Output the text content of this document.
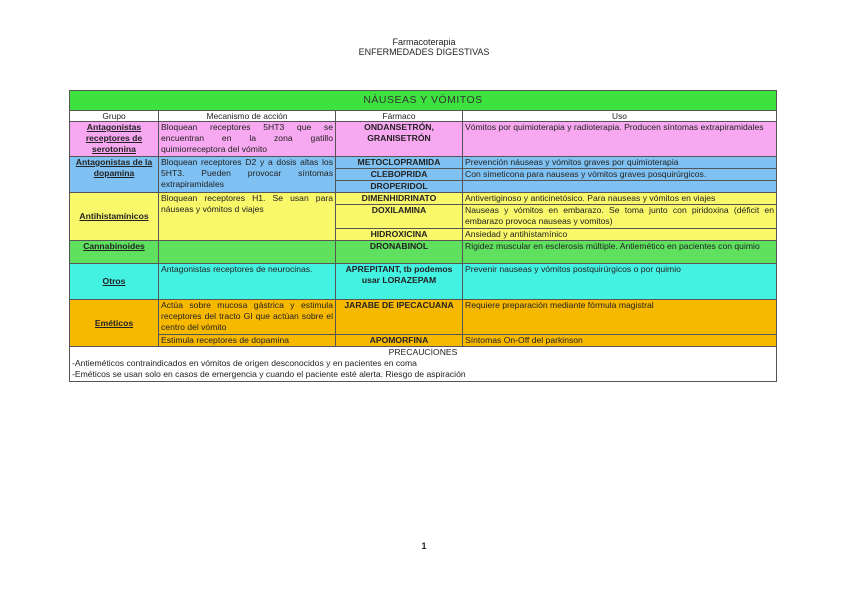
Farmacoterapia
ENFERMEDADES DIGESTIVAS
NÁUSEAS Y VÓMITOS			
Grupo	Mecanismo de acción	Fármaco	Uso
Antagonistas receptores de serotonina	Bloquean receptores 5HT3 que se encuentran en la zona gatillo quimiorreceptora del vómito	ONDANSETRÓN, GRANISETRÓN	Vómitos por quimioterapia y radioterapia. Producen síntomas extrapiramidales
Antagonistas de la dopamina	Bloquean receptores D2 y a dosis altas los 5HT3. Pueden provocar síntomas extrapiramidales	METOCLOPRAMIDA	Prevención náuseas y vómitos graves por quimioterapia
		CLEBOPRIDA	Con simeticona para nauseas y vómitos graves posquirúrgicos.
		DROPERIDOL	
Antihistamínicos	Bloquean receptores H1. Se usan para náuseas y vómitos d viajes	DIMENHIDRINATO	Antivertiginoso y anticinetósico. Para nauseas y vómitos en viajes
		DOXILAMINA	Nauseas y vómitos en embarazo. Se toma junto con piridoxina (déficit en embarazo provoca nauseas y vomitos)
		HIDROXICINA	Ansiedad y antihistamínico
Cannabinoides		DRONABINOL	Rigidez muscular en esclerosis múltiple. Antiemético en pacientes con quimio
Otros	Antagonistas receptores de neurocinas.	APREPITANT, tb podemos usar LORAZEPAM	Prevenir nauseas y vómitos postquirúrgicos o por quimio
Eméticos	Actúa sobre mucosa gástrica y estimula receptores del tracto GI que actúan sobre el centro del vómito	JARABE DE IPECACUANA	Requiere preparación mediante fórmula magistral
	Estimula receptores de dopamina	APOMORFINA	Síntomas On-Off del parkinson

PRECAUCIONES
-Antieméticos contraindicados en vómitos de origen desconocidos y en pacientes en coma
-Eméticos se usan solo en casos de emergencia y cuando el paciente esté alerta. Riesgo de aspiración			
1
